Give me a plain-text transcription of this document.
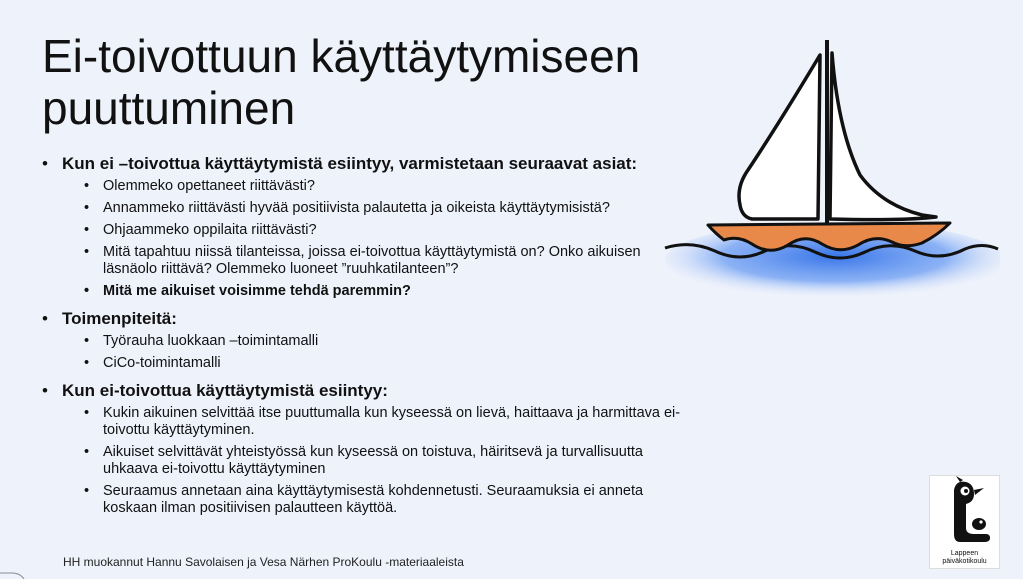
Ei-toivottuun käyttäytymiseen puuttuminen
• Kun ei –toivottua käyttäytymistä esiintyy, varmistetaan seuraavat asiat:
• Olemmeko opettaneet riittävästi?
• Annammeko riittävästi hyvää positiivista palautetta ja oikeista käyttäytymisistä?
• Ohjaammeko oppilaita riittävästi?
• Mitä tapahtuu niissä tilanteissa, joissa ei-toivottua käyttäytymistä on? Onko aikuisen läsnäolo riittävä? Olemmeko luoneet ”ruuhkatilanteen”?
• Mitä me aikuiset voisimme tehdä paremmin?
• Toimenpiteitä:
• Työrauha luokkaan –toimintamalli
• CiCo-toimintamalli
• Kun ei-toivottua käyttäytymistä esiintyy:
• Kukin aikuinen selvittää itse puuttumalla kun kyseessä on lievä, haittaava ja harmittava ei-toivottu käyttäytyminen.
• Aikuiset selvittävät yhteistyössä kun kyseessä on toistuva, häiritsevä ja turvallisuutta uhkaava ei-toivottu käyttäytyminen
• Seuraamus annetaan aina käyttäytymisestä kohdennetusti. Seuraamuksia ei anneta koskaan ilman positiivisen palautteen käyttöä.
Lappeen päiväkotikoulu
HH muokannut Hannu Savolaisen ja Vesa Närhen ProKoulu -materiaaleista
